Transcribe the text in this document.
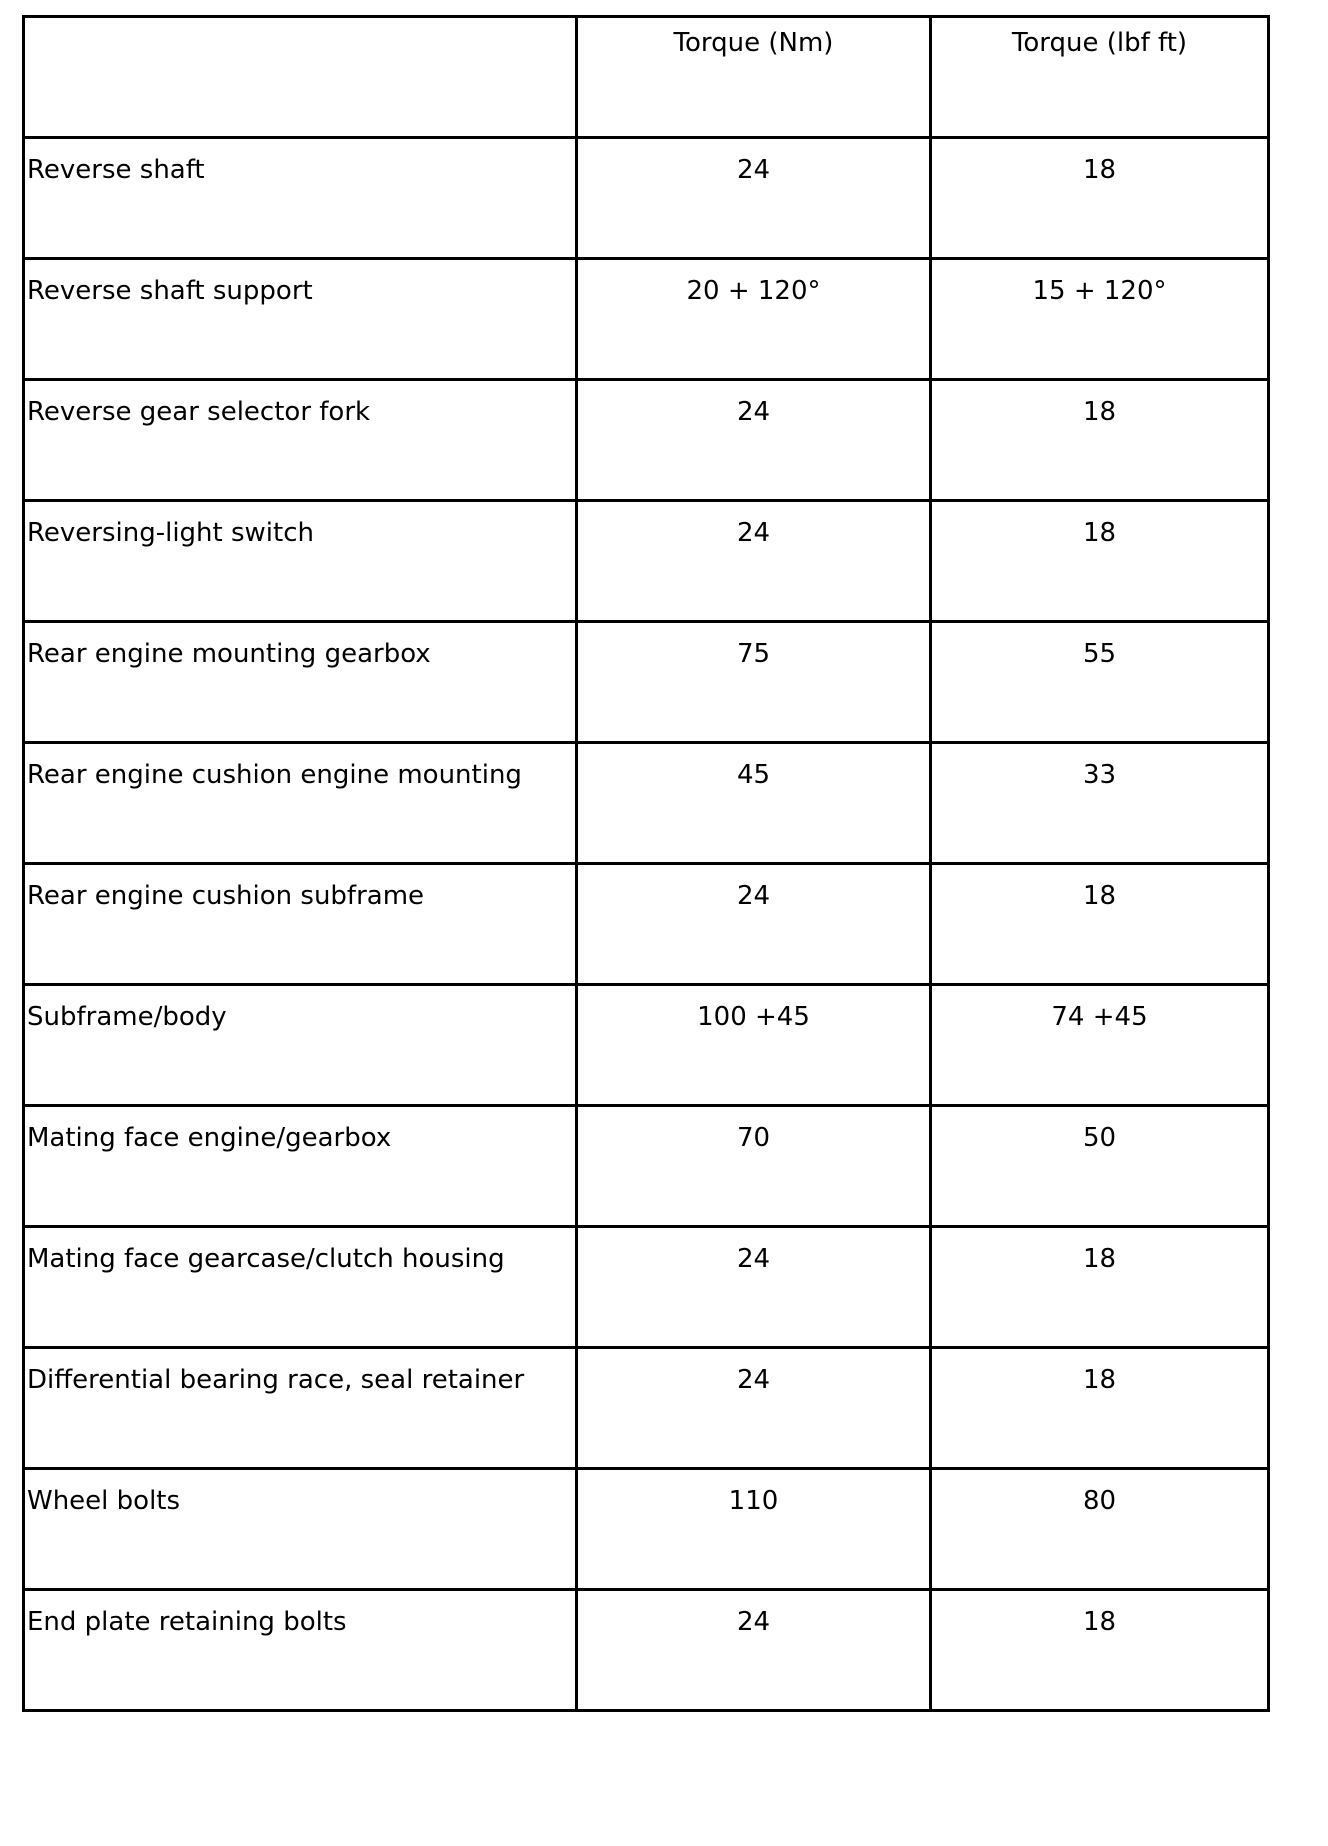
	Torque (Nm)	Torque (lbf ft)
Reverse shaft	24	18
Reverse shaft support	20 + 120°	15 + 120°
Reverse gear selector fork	24	18
Reversing-light switch	24	18
Rear engine mounting gearbox	75	55
Rear engine cushion engine mounting	45	33
Rear engine cushion subframe	24	18
Subframe/body	100 +45	74 +45
Mating face engine/gearbox	70	50
Mating face gearcase/clutch housing	24	18
Differential bearing race, seal retainer	24	18
Wheel bolts	110	80
End plate retaining bolts	24	18
